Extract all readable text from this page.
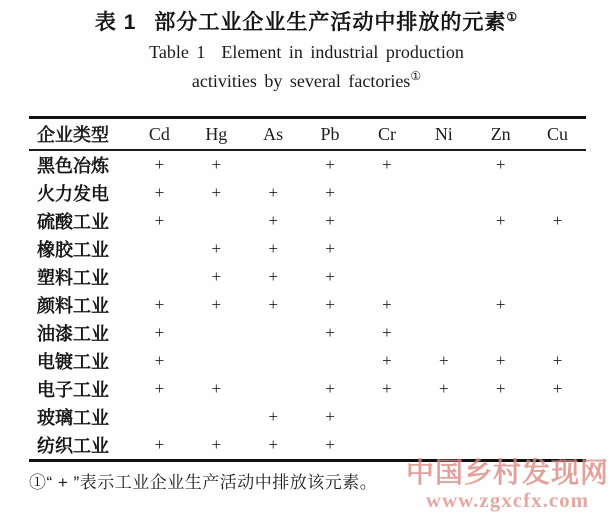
表 1 部分工业企业生产活动中排放的元素①
Table 1 Element in industrial production
activities by several factories①
企业类型	Cd	Hg	As	Pb	Cr	Ni	Zn	Cu
黑色冶炼	+	+		+	+		+	
火力发电	+	+	+	+				
硫酸工业	+		+	+			+	+
橡胶工业		+	+	+				
塑料工业		+	+	+				
颜料工业	+	+	+	+	+		+	
油漆工业	+			+	+			
电镀工业	+				+	+	+	+
电子工业	+	+		+	+	+	+	+
玻璃工业			+	+				
纺织工业	+	+	+	+				
①“ + ”表示工业企业生产活动中排放该元素。 中国乡村发现网
www.zgxcfx.com
